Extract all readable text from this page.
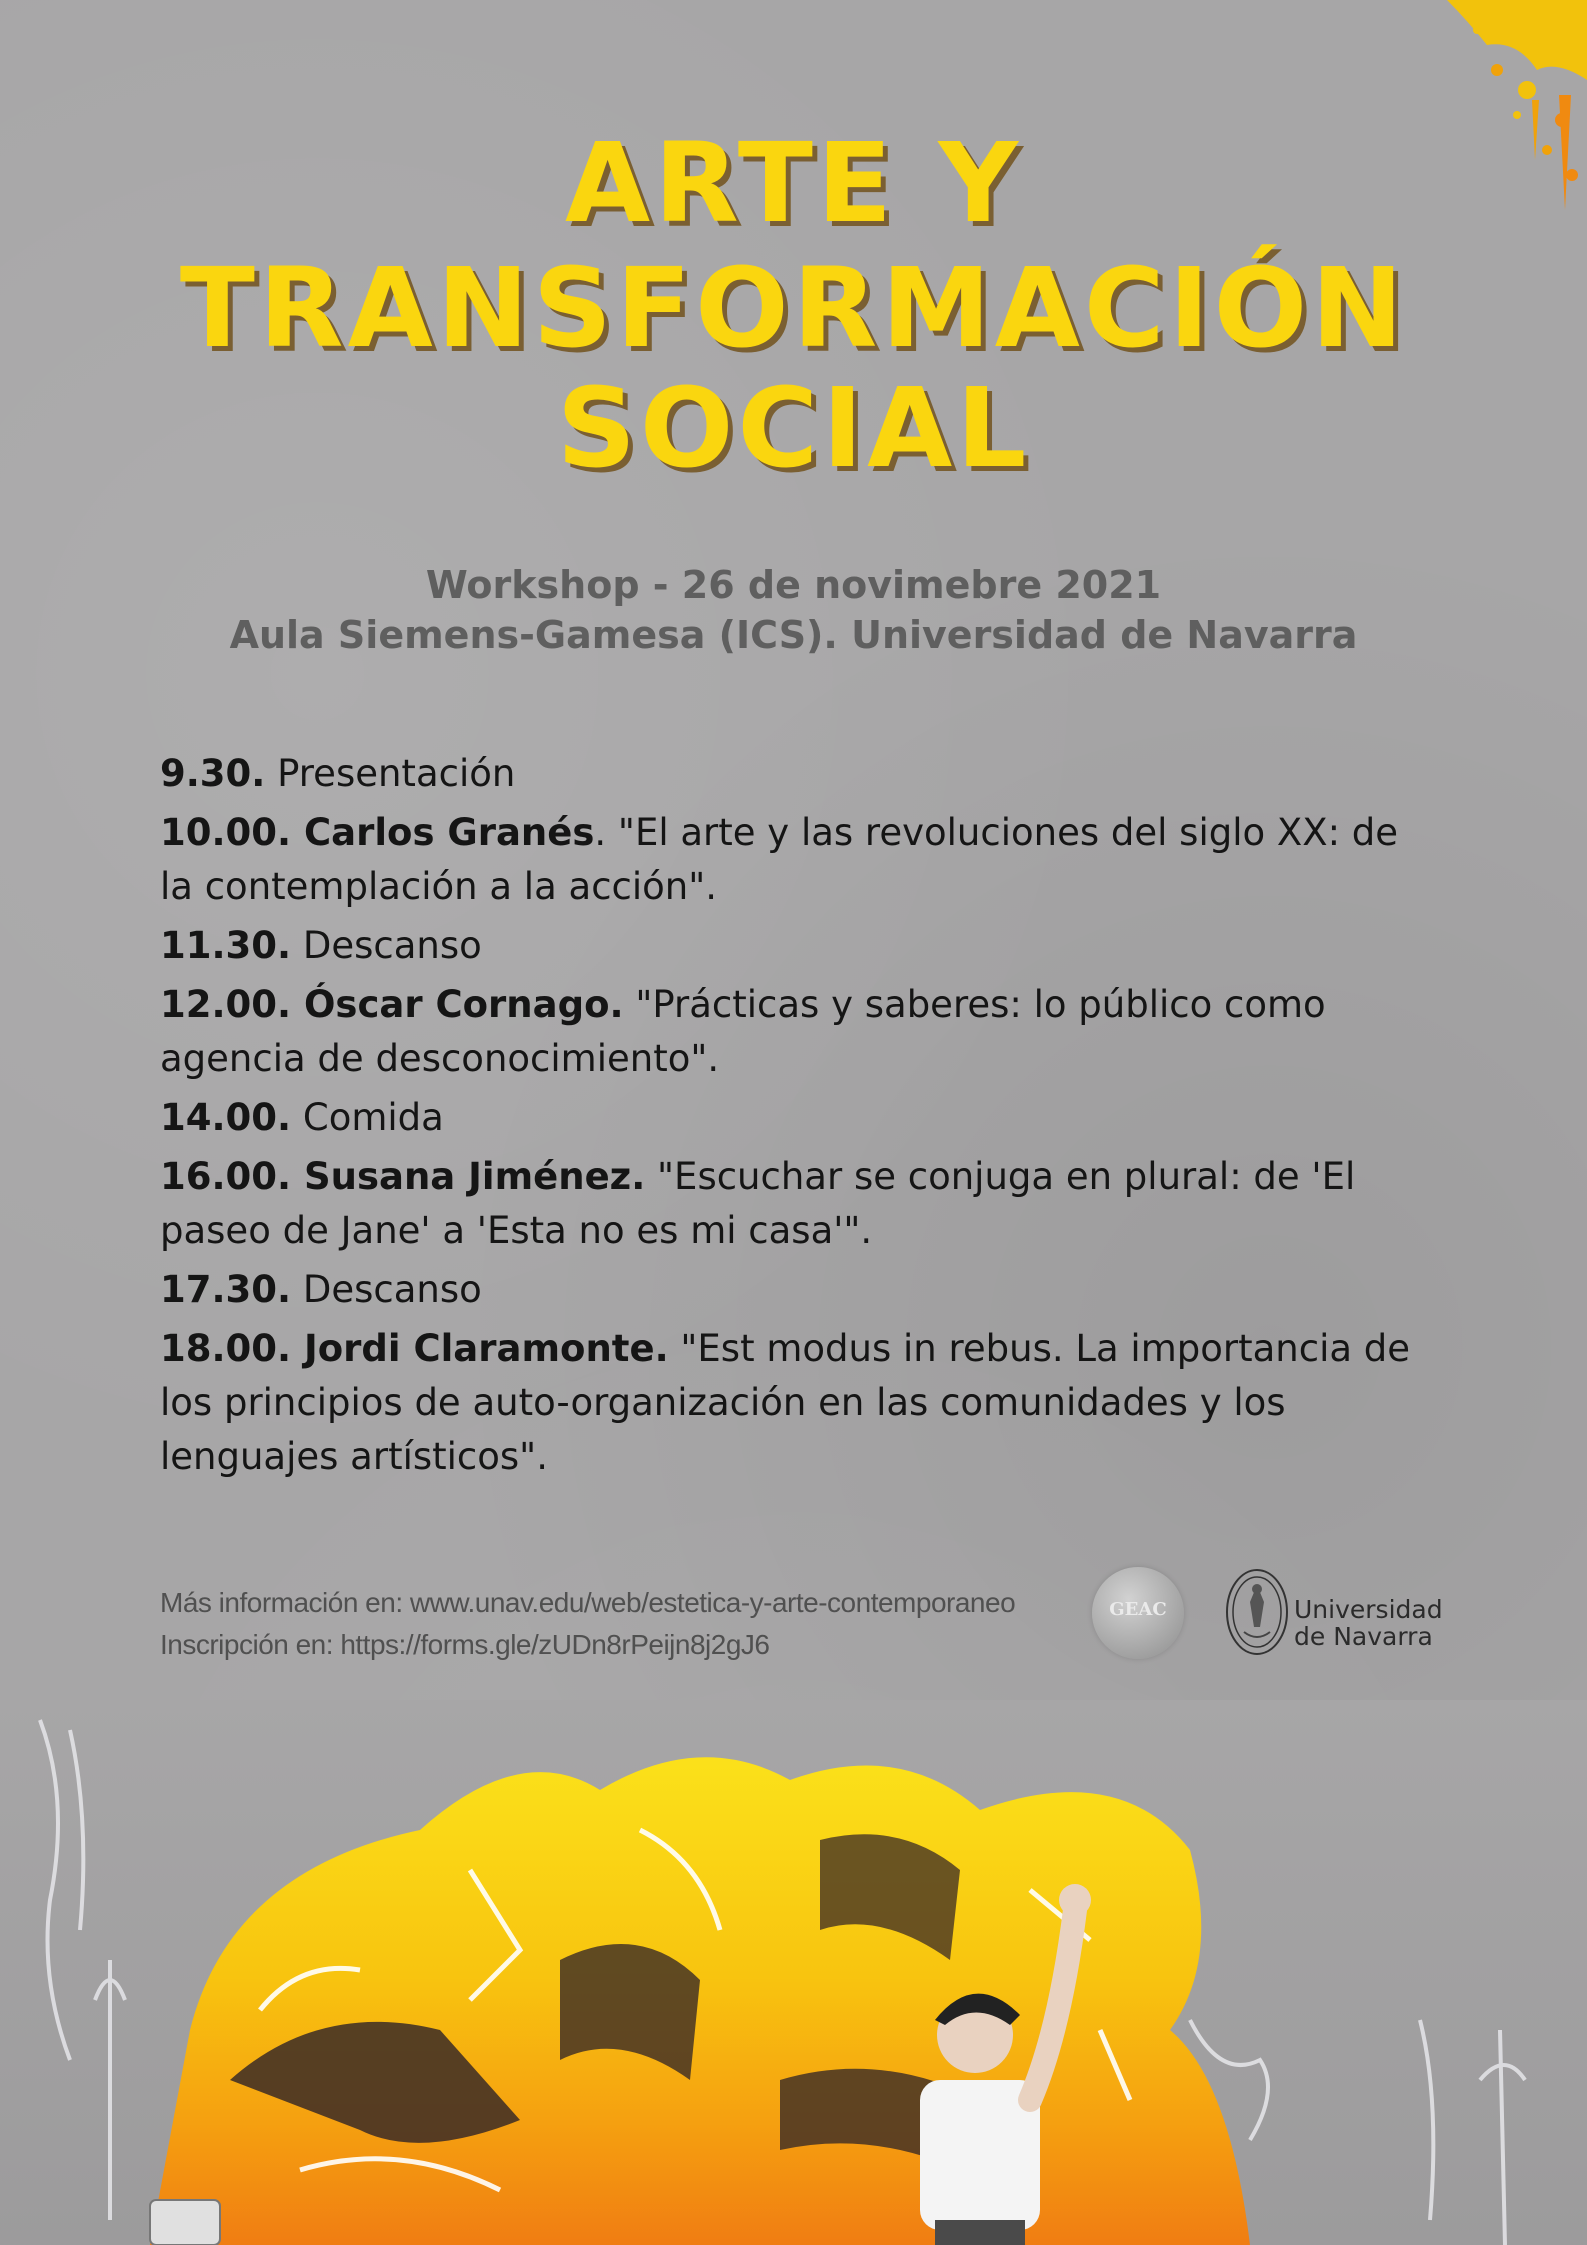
ARTE Y
TRANSFORMACIÓN
SOCIAL
Workshop - 26 de novimebre 2021
Aula Siemens-Gamesa (ICS). Universidad de Navarra
9.30. Presentación
10.00. Carlos Granés. "El arte y las revoluciones del siglo XX: de la contemplación a la acción".
11.30. Descanso
12.00. Óscar Cornago. "Prácticas y saberes: lo público como agencia de desconocimiento".
14.00. Comida
16.00. Susana Jiménez. "Escuchar se conjuga en plural: de 'El paseo de Jane' a 'Esta no es mi casa'".
17.30. Descanso
18.00. Jordi Claramonte. "Est modus in rebus. La importancia de los principios de auto-organización en las comunidades y los lenguajes artísticos".
Más información en: www.unav.edu/web/estetica-y-arte-contemporaneo
Inscripción en: https://forms.gle/zUDn8rPeijn8j2gJ6
GEAC	Universidad
de Navarra
